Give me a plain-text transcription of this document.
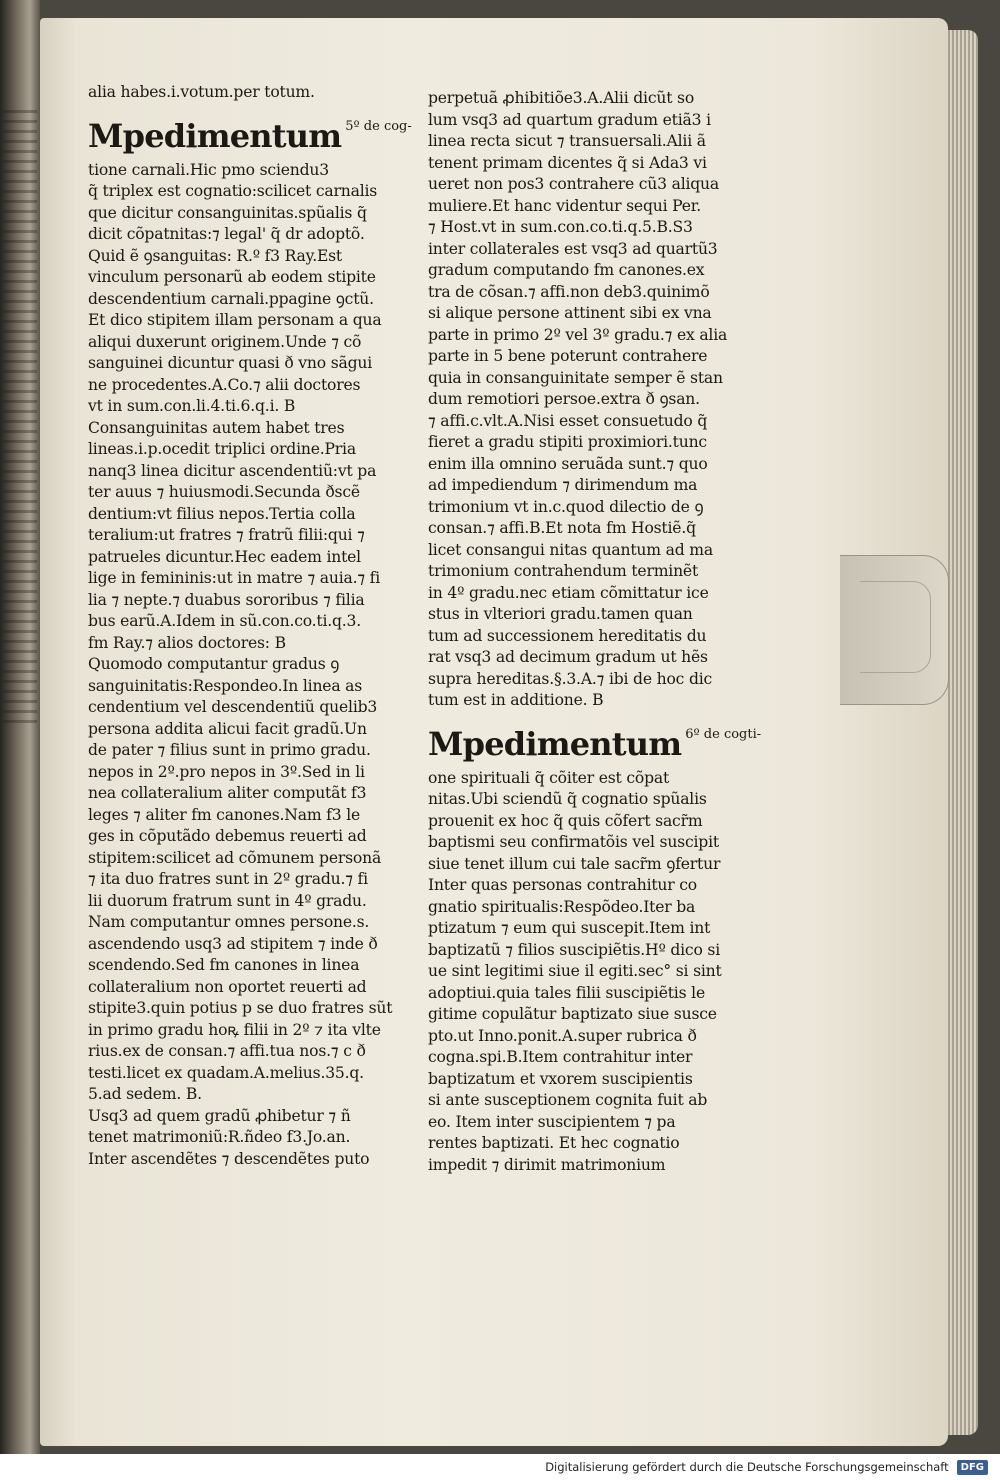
alia habes.i.votum.per totum.
Mpedimentum 5º de cog-
tione carnali.Hic pmo sciendu3
q̃ triplex est cognatio:scilicet carnalis
que dicitur consanguinitas.spũalis q̃
dicit cõpatnitas:⁊ legal' q̃ dr adoptõ.
Quid ẽ ꝯsanguitas: R.º f3 Ray.Est
vinculum personarũ ab eodem stipite
descendentium carnali.ppagine ꝯctũ.
Et dico stipitem illam personam a qua
aliqui duxerunt originem.Unde ⁊ cõ
sanguinei dicuntur quasi ð vno sãgui
ne procedentes.A.Co.⁊ alii doctores
vt in sum.con.li.4.ti.6.q.i. B
Consanguinitas autem habet tres
lineas.i.p.ocedit triplici ordine.Pria
nanq3 linea dicitur ascendentiũ:vt pa
ter auus ⁊ huiusmodi.Secunda ðscẽ
dentium:vt filius nepos.Tertia colla
teralium:ut fratres ⁊ fratrũ filii:qui ⁊
patrueles dicuntur.Hec eadem intel
lige in femininis:ut in matre ⁊ auia.⁊ fi
lia ⁊ nepte.⁊ duabus sororibus ⁊ filia
bus earũ.A.Idem in sũ.con.co.ti.q.3.
fm Ray.⁊ alios doctores: B
Quomodo computantur gradus ꝯ
sanguinitatis:Respondeo.In linea as
cendentium vel descendentiũ quelib3
persona addita alicui facit gradũ.Un
de pater ⁊ filius sunt in primo gradu.
nepos in 2º.pro nepos in 3º.Sed in li
nea collateralium aliter computãt f3
leges ⁊ aliter fm canones.Nam f3 le
ges in cõputãdo debemus reuerti ad
stipitem:scilicet ad cõmunem personã
⁊ ita duo fratres sunt in 2º gradu.⁊ fi
lii duorum fratrum sunt in 4º gradu.
Nam computantur omnes persone.s.
ascendendo usq3 ad stipitem ⁊ inde ð
scendendo.Sed fm canones in linea
collateralium non oportet reuerti ad
stipite3.quin potius p se duo fratres sũt
in primo gradu hoꝶ filii in 2º ⁊ ita vlte
rius.ex de consan.⁊ affi.tua nos.⁊ c ð
testi.licet ex quadam.A.melius.35.q.
5.ad sedem. B.
Usq3 ad quem gradũ ꝓhibetur ⁊ ñ
tenet matrimoniũ:R.ñdeo f3.Jo.an.
Inter ascendẽtes ⁊ descendẽtes puto
perpetuã ꝓhibitiõe3.A.Alii dicũt so
lum vsq3 ad quartum gradum etiã3 i
linea recta sicut ⁊ transuersali.Alii ã
tenent primam dicentes q̃ si Ada3 vi
ueret non pos3 contrahere cũ3 aliqua
muliere.Et hanc videntur sequi Per.
⁊ Host.vt in sum.con.co.ti.q.5.B.S3
inter collaterales est vsq3 ad quartũ3
gradum computando fm canones.ex
tra de cõsan.⁊ affi.non deb3.quinimõ
si alique persone attinent sibi ex vna
parte in primo 2º vel 3º gradu.⁊ ex alia
parte in 5 bene poterunt contrahere
quia in consanguinitate semper ẽ stan
dum remotiori persoe.extra ð ꝯsan.
⁊ affi.c.vlt.A.Nisi esset consuetudo q̃
fieret a gradu stipiti proximiori.tunc
enim illa omnino seruãda sunt.⁊ quo
ad impediendum ⁊ dirimendum ma
trimonium vt in.c.quod dilectio de ꝯ
consan.⁊ affi.B.Et nota fm Hostiẽ.q̃
licet consangui nitas quantum ad ma
trimonium contrahendum terminẽt
in 4º gradu.nec etiam cõmittatur ice
stus in vlteriori gradu.tamen quan
tum ad successionem hereditatis du
rat vsq3 ad decimum gradum ut hẽs
supra hereditas.§.3.A.⁊ ibi de hoc dic
tum est in additione. B
Mpedimentum 6º de cogti-
one spirituali q̃ cõiter est cõpat
nitas.Ubi sciendũ q̃ cognatio spũalis
prouenit ex hoc q̃ quis cõfert sacr̃m
baptismi seu confirmatõis vel suscipit
siue tenet illum cui tale sacr̃m ꝯfertur
Inter quas personas contrahitur co
gnatio spiritualis:Respõdeo.Iter ba
ptizatum ⁊ eum qui suscepit.Item int
baptizatũ ⁊ filios suscipiẽtis.Hº dico si
ue sint legitimi siue il egiti.sec° si sint
adoptiui.quia tales filii suscipiẽtis le
gitime copulãtur baptizato siue susce
pto.ut Inno.ponit.A.super rubrica ð
cogna.spi.B.Item contrahitur inter
baptizatum et vxorem suscipientis
si ante susceptionem cognita fuit ab
eo. Item inter suscipientem ⁊ pa
rentes baptizati. Et hec cognatio
impedit ⁊ dirimit matrimonium
Digitalisierung gefördert durch die Deutsche Forschungsgemeinschaft	DFG
